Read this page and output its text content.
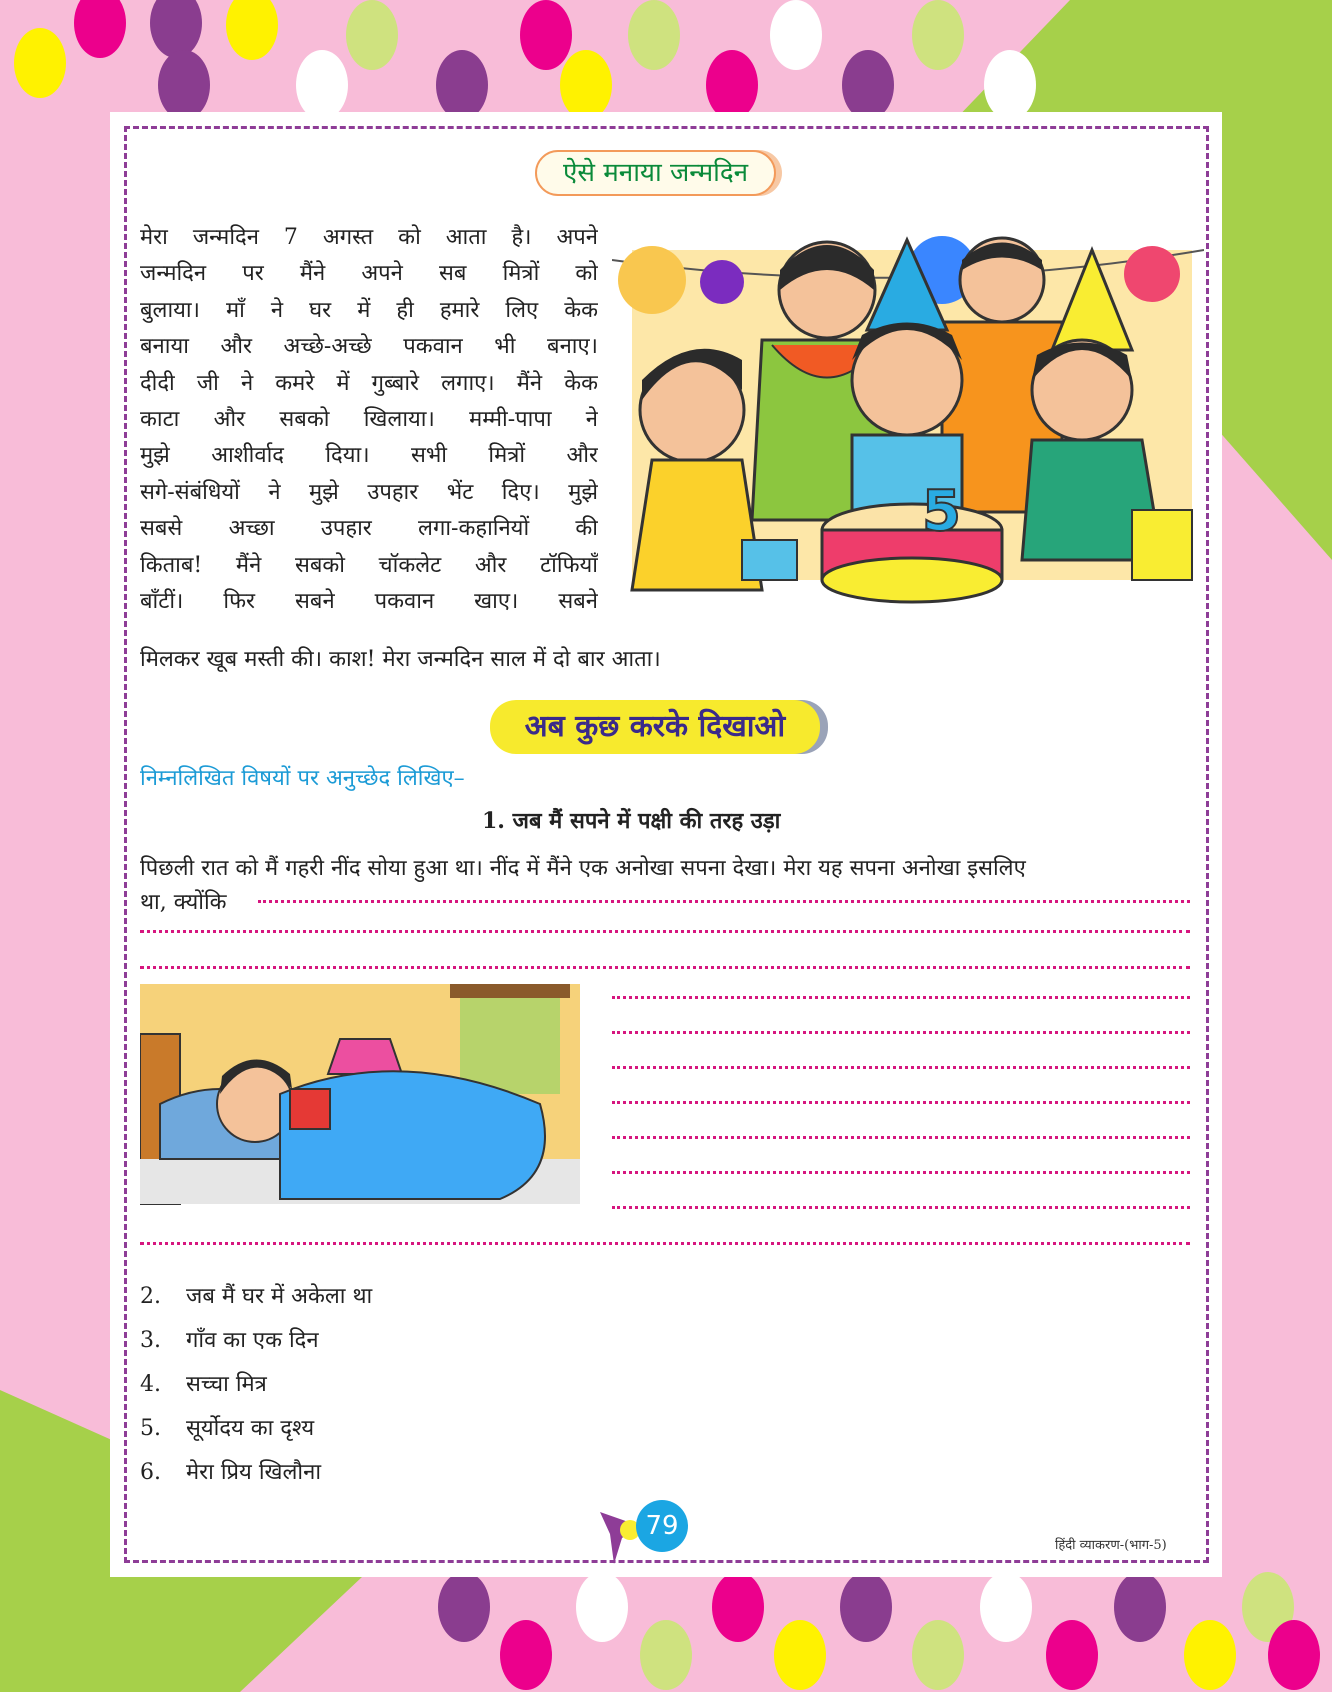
ऐसे मनाया जन्मदिन

मेरा जन्मदिन 7 अगस्त को आता है। अपने

जन्मदिन पर मैंने अपने सब मित्रों को

बुलाया। माँ ने घर में ही हमारे लिए केक

बनाया और अच्छे-अच्छे पकवान भी बनाए।

दीदी जी ने कमरे में गुब्बारे लगाए। मैंने केक

काटा और सबको खिलाया। मम्मी-पापा ने

मुझे आशीर्वाद दिया। सभी मित्रों और

सगे-संबंधियों ने मुझे उपहार भेंट दिए। मुझे

सबसे अच्छा उपहार लगा-कहानियों की

किताब! मैंने सबको चॉकलेट और टॉफियाँ

बाँटीं। फिर सबने पकवान खाए। सबने

मिलकर खूब मस्ती की। काश! मेरा जन्मदिन साल में दो बार आता।
5
अब कुछ करके दिखाओ
निम्नलिखित विषयों पर अनुच्छेद लिखिए–
1. जब मैं सपने में पक्षी की तरह उड़ा
पिछली रात को मैं गहरी नींद सोया हुआ था। नींद में मैंने एक अनोखा सपना देखा। मेरा यह सपना अनोखा इसलिए
था, क्योंकि
2. जब मैं घर में अकेला था
3. गाँव का एक दिन
4. सच्चा मित्र
5. सूर्योदय का दृश्य
6. मेरा प्रिय खिलौना
79
हिंदी व्याकरण-(भाग-5)
